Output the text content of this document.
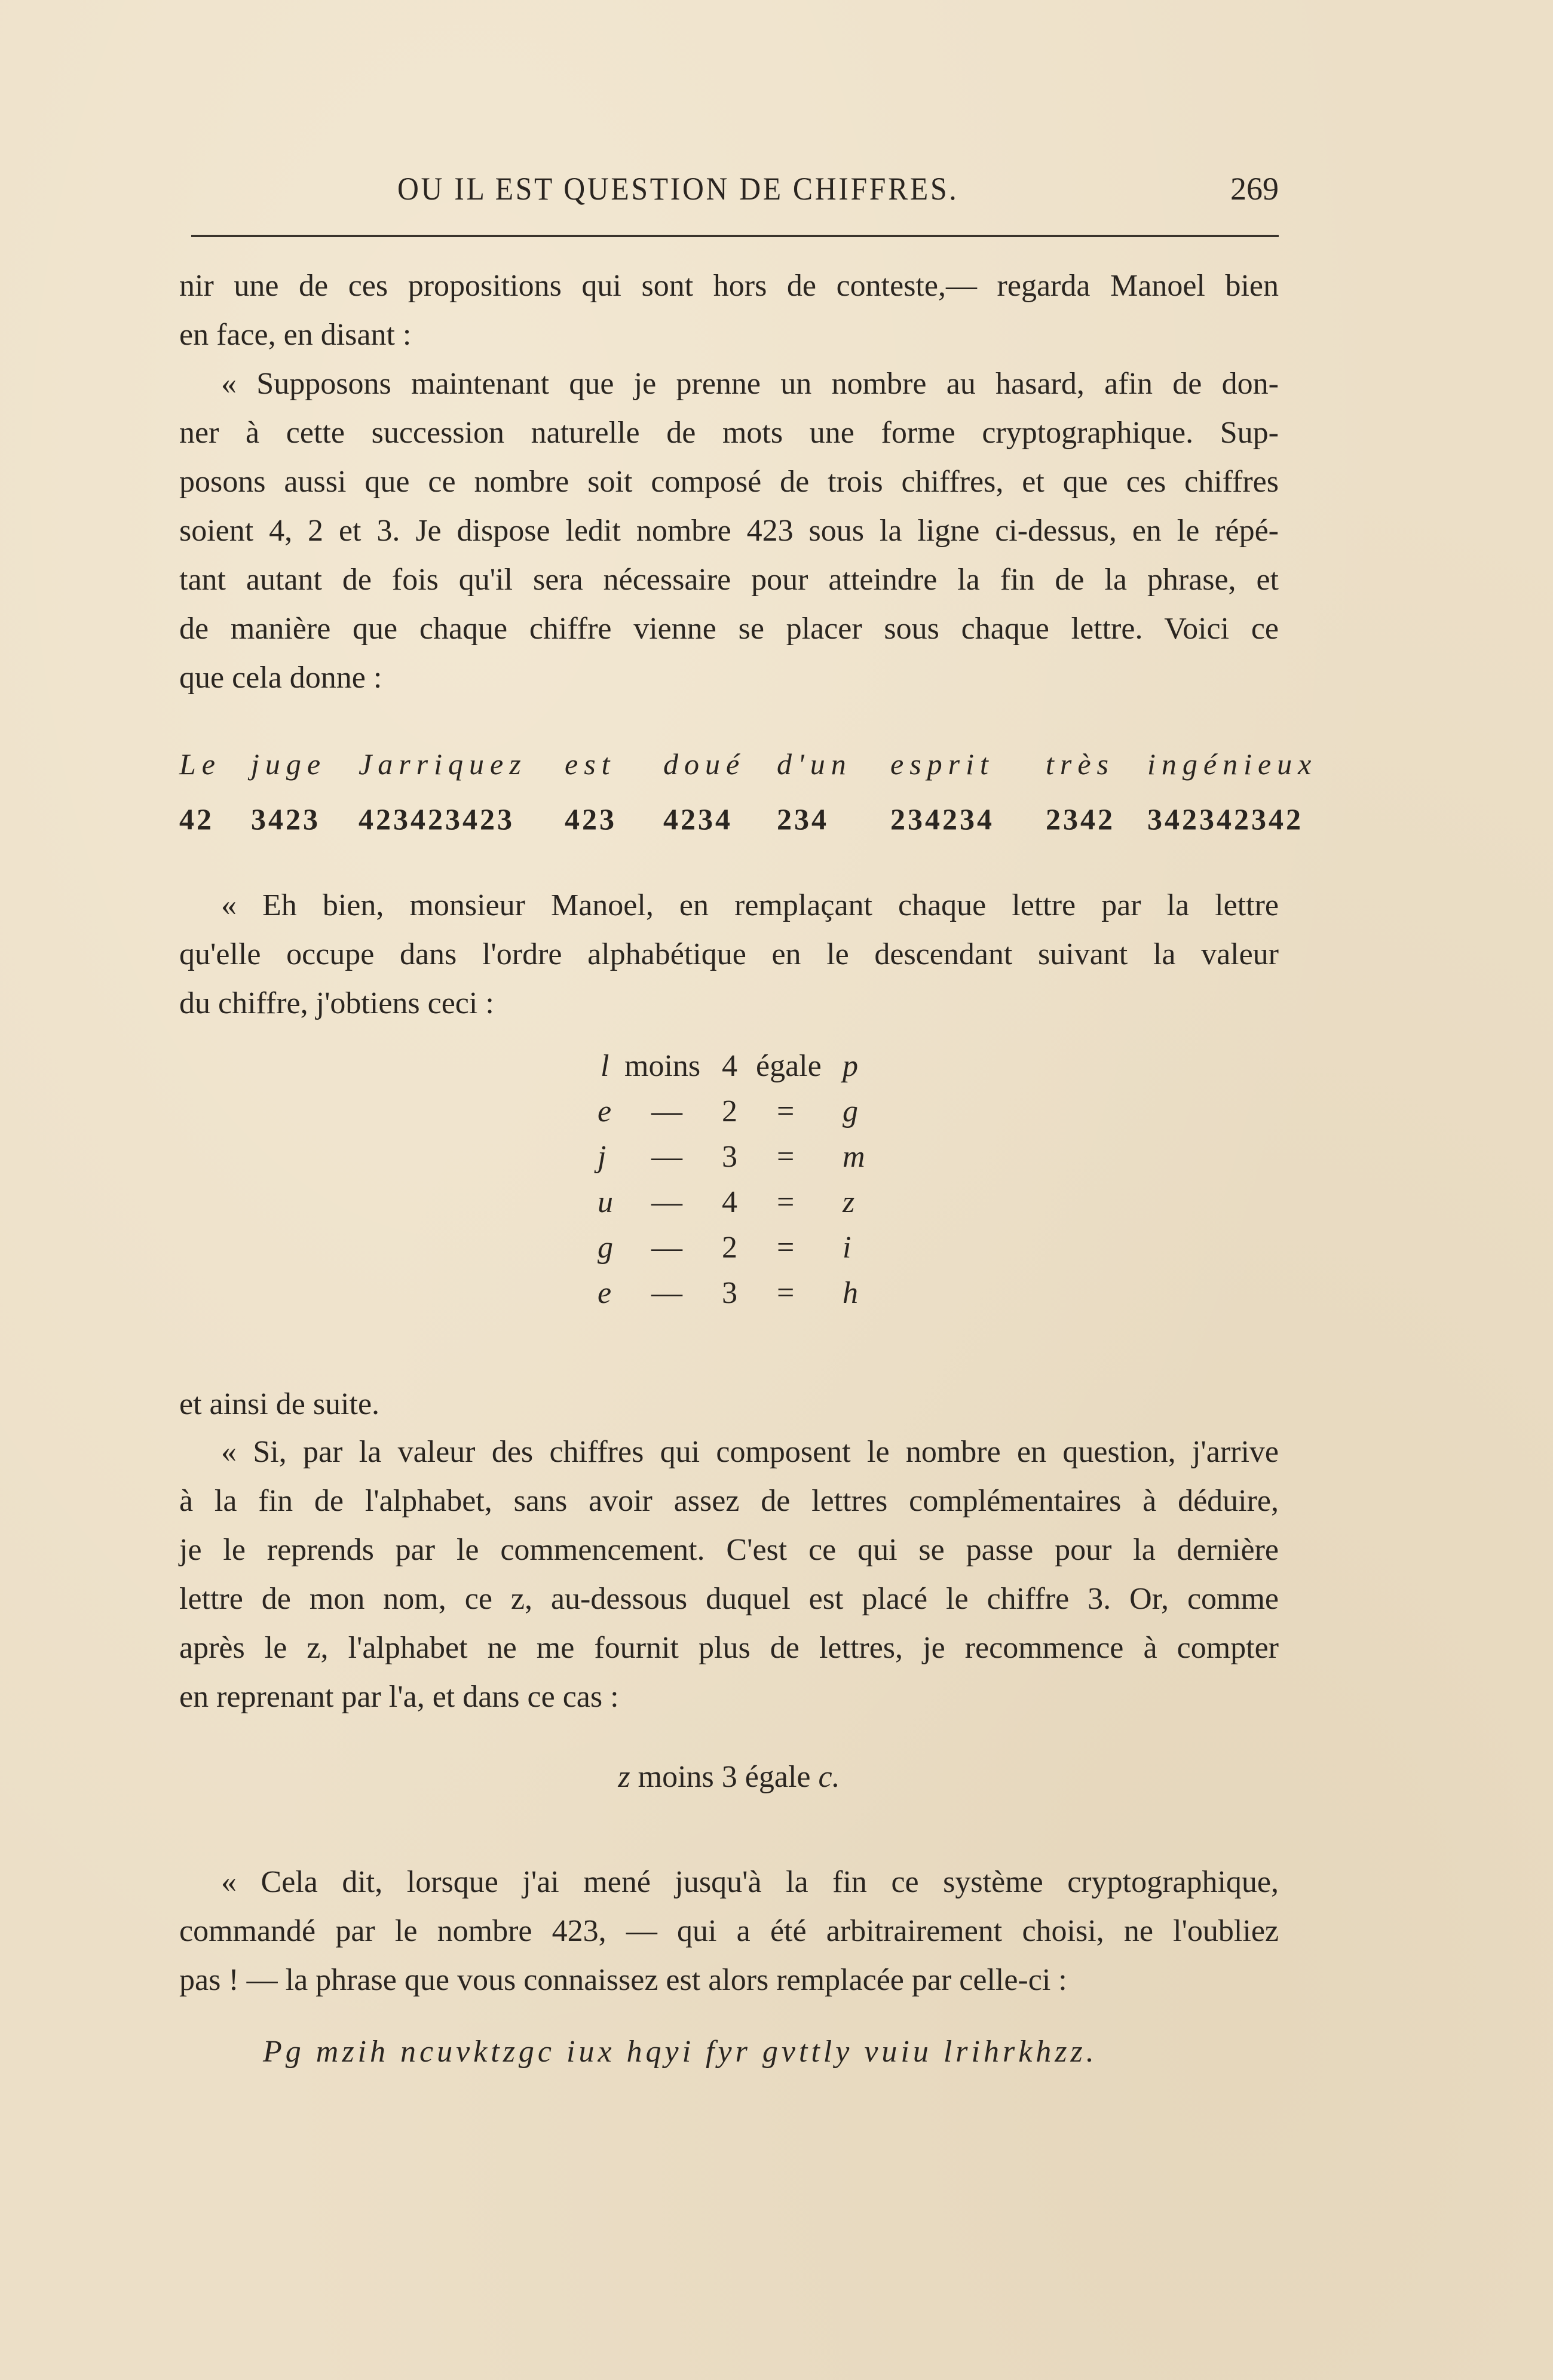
OU IL EST QUESTION DE CHIFFRES.	269
nir une de ces propositions qui sont hors de conteste,— regarda Manoel bien
en face, en disant :
« Supposons maintenant que je prenne un nombre au hasard, afin de don-
ner à cette succession naturelle de mots une forme cryptographique. Sup-
posons aussi que ce nombre soit composé de trois chiffres, et que ces chiffres
soient 4, 2 et 3. Je dispose ledit nombre 423 sous la ligne ci-dessus, en le répé-
tant autant de fois qu'il sera nécessaire pour atteindre la fin de la phrase, et
de manière que chaque chiffre vienne se placer sous chaque lettre. Voici ce
que cela donne :
Le juge Jarriquez est doué d'un esprit très ingénieux
42 3423 423423423 423 4234 234 234234 2342 342342342
« Eh bien, monsieur Manoel, en remplaçant chaque lettre par la lettre
qu'elle occupe dans l'ordre alphabétique en le descendant suivant la valeur
du chiffre, j'obtiens ceci :
l moins 4 égale p
e — 2 = g
j — 3 = m
u — 4 = z
g — 2 = i
e — 3 = h
et ainsi de suite.
« Si, par la valeur des chiffres qui composent le nombre en question, j'arrive
à la fin de l'alphabet, sans avoir assez de lettres complémentaires à déduire,
je le reprends par le commencement. C'est ce qui se passe pour la dernière
lettre de mon nom, ce z, au-dessous duquel est placé le chiffre 3. Or, comme
après le z, l'alphabet ne me fournit plus de lettres, je recommence à compter
en reprenant par l'a, et dans ce cas :
z moins 3 égale c.
« Cela dit, lorsque j'ai mené jusqu'à la fin ce système cryptographique,
commandé par le nombre 423, — qui a été arbitrairement choisi, ne l'oubliez
pas ! — la phrase que vous connaissez est alors remplacée par celle-ci :
Pg mzih ncuvktzgc iux hqyi fyr gvttly vuiu lrihrkhzz.
